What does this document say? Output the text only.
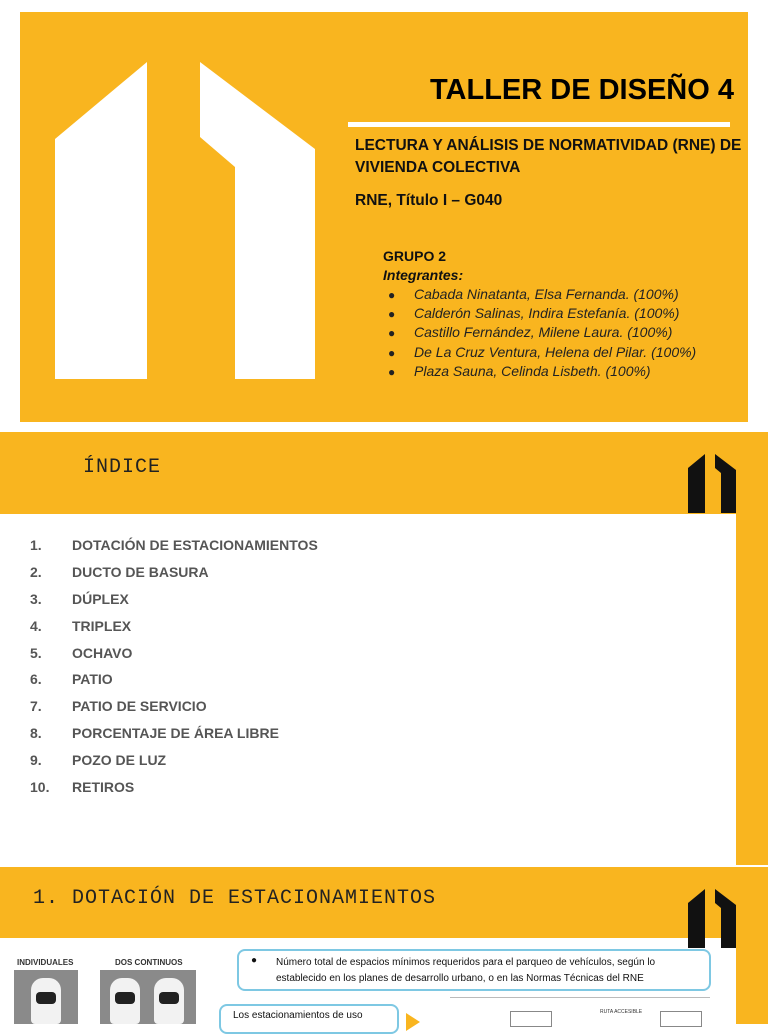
TALLER DE DISEÑO 4
LECTURA Y ANÁLISIS DE NORMATIVIDAD (RNE) DE VIVIENDA COLECTIVA
RNE, Título I – G040
GRUPO 2
Integrantes:
● Cabada Ninatanta, Elsa Fernanda. (100%)
● Calderón Salinas, Indira Estefanía. (100%)
● Castillo Fernández, Milene Laura. (100%)
● De La Cruz Ventura, Helena del Pilar. (100%)
● Plaza Sauna, Celinda Lisbeth. (100%)
ÍNDICE
1. DOTACIÓN DE ESTACIONAMIENTOS
2. DUCTO DE BASURA
3. DÚPLEX
4. TRIPLEX
5. OCHAVO
6. PATIO
7. PATIO DE SERVICIO
8. PORCENTAJE DE ÁREA LIBRE
9. POZO DE LUZ
10. RETIROS
1. DOTACIÓN DE ESTACIONAMIENTOS
INDIVIDUALES	DOS CONTINUOS	● Número total de espacios mínimos requeridos para el parqueo de vehículos, según lo establecido en los planes de desarrollo urbano, o en las Normas Técnicas del RNE
Los estacionamientos de uso	RUTA ACCESIBLE
